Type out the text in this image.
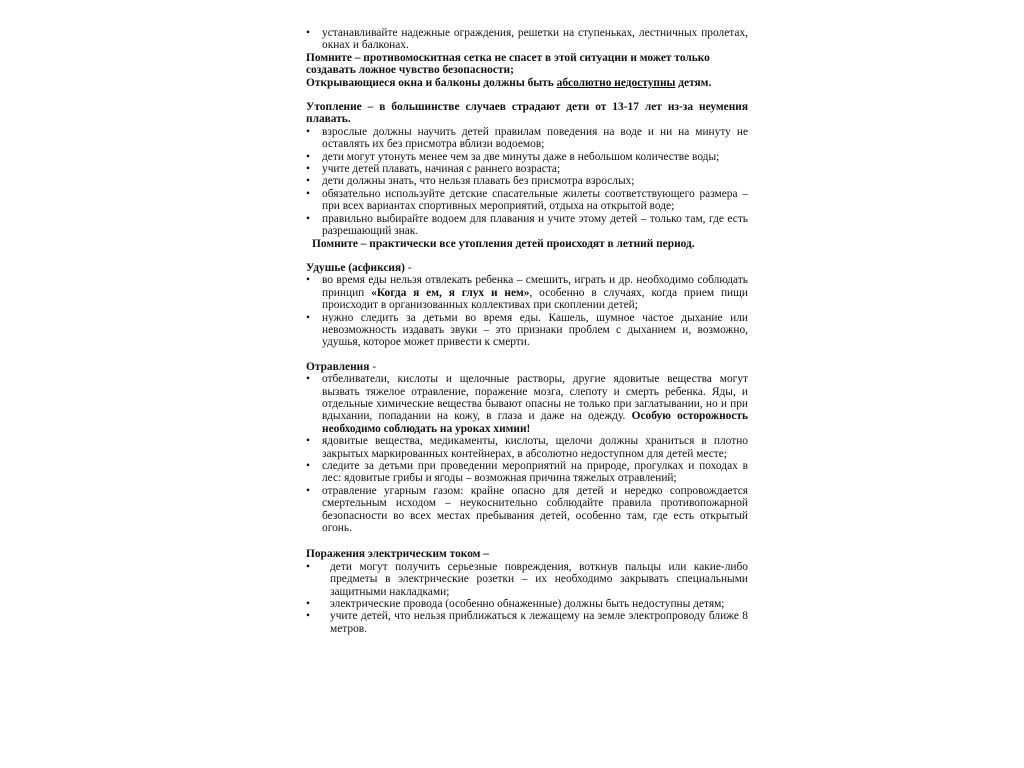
•	устанавливайте надежные ограждения, решетки на ступеньках, лестничных пролетах, окнах и балконах.

Помните – противомоскитная сетка не спасет в этой ситуации и может только создавать ложное чувство безопасности;

Открывающиеся окна и балконы должны быть абсолютно недоступны детям.

Утопление – в большинстве случаев страдают дети от 13-17 лет из-за неумения плавать.

•	взрослые должны научить детей правилам поведения на воде и ни на минуту не оставлять их без присмотра вблизи водоемов;
•	дети могут утонуть менее чем за две минуты даже в небольшом количестве воды;
•	учите детей плавать, начиная с раннего возраста;
•	дети должны знать, что нельзя плавать без присмотра взрослых;
•	обязательно используйте детские спасательные жилеты соответствующего размера – при всех вариантах спортивных мероприятий, отдыха на открытой воде;
•	правильно выбирайте водоем для плавания и учите этому детей – только там, где есть разрешающий знак.

Помните – практически все утопления детей происходят в летний период.

Удушье (асфиксия) -

•	во время еды нельзя отвлекать ребенка – смешить, играть и др. необходимо соблюдать принцип «Когда я ем, я глух и нем», особенно в случаях, когда прием пищи происходит в организованных коллективах при скоплении детей;
•	нужно следить за детьми во время еды. Кашель, шумное частое дыхание или невозможность издавать звуки – это признаки проблем с дыханием и, возможно, удушья, которое может привести к смерти.

Отравления -

•	отбеливатели, кислоты и щелочные растворы, другие ядовитые вещества могут вызвать тяжелое отравление, поражение мозга, слепоту и смерть ребенка. Яды, и отдельные химические вещества бывают опасны не только при заглатывании, но и при вдыхании, попадании на кожу, в глаза и даже на одежду. Особую осторожность необходимо соблюдать на уроках химии!
•	ядовитые вещества, медикаменты, кислоты, щелочи должны храниться в плотно закрытых маркированных контейнерах, в абсолютно недоступном для детей месте;
•	следите за детьми при проведении мероприятий на природе, прогулках и походах в лес: ядовитые грибы и ягоды – возможная причина тяжелых отравлений;
•	отравление угарным газом: крайне опасно для детей и нередко сопровождается смертельным исходом – неукоснительно соблюдайте правила противопожарной безопасности во всех местах пребывания детей, особенно там, где есть открытый огонь.

Поражения электрическим током –

•	дети могут получить серьезные повреждения, воткнув пальцы или какие-либо предметы в электрические розетки – их необходимо закрывать специальными защитными накладками;
•	электрические провода (особенно обнаженные) должны быть недоступны детям;
•	учите детей, что нельзя приближаться к лежащему на земле электропроводу ближе 8 метров.
